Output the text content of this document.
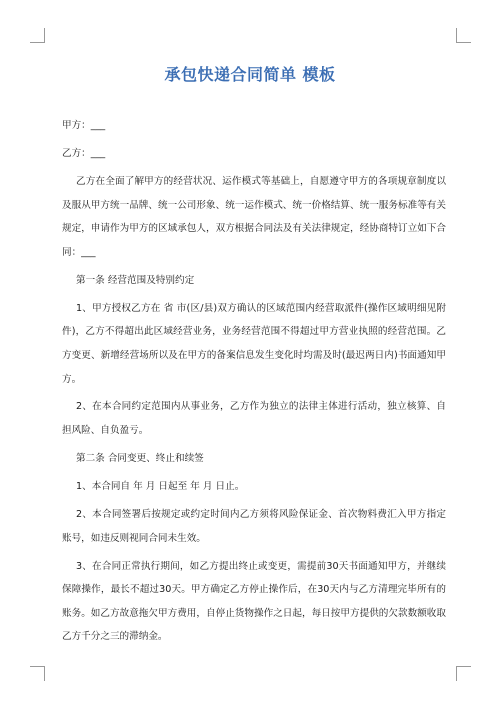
承包快递合同简单 模板

甲方：___

乙方：___

乙方在全面了解甲方的经营状况、运作模式等基础上，自愿遵守甲方的各项规章制度以及服从甲方统一品牌、统一公司形象、统一运作模式、统一价格结算、统一服务标准等有关规定，申请作为甲方的区域承包人，双方根据合同法及有关法律规定，经协商特订立如下合同：___

第一条 经营范围及特别约定

1、甲方授权乙方在 省 市(区/县)双方确认的区域范围内经营取派件(操作区域明细见附件)，乙方不得超出此区域经营业务，业务经营范围不得超过甲方营业执照的经营范围。乙方变更、新增经营场所以及在甲方的备案信息发生变化时均需及时(最迟两日内)书面通知甲方。

2、在本合同约定范围内从事业务，乙方作为独立的法律主体进行活动，独立核算、自担风险、自负盈亏。

第二条 合同变更、终止和续签

1、本合同自 年 月 日起至 年 月 日止。

2、本合同签署后按规定或约定时间内乙方须将风险保证金、首次物料费汇入甲方指定账号，如违反则视同合同未生效。

3、在合同正常执行期间，如乙方提出终止或变更，需提前30天书面通知甲方，并继续保障操作，最长不超过30天。甲方确定乙方停止操作后，在30天内与乙方清理完毕所有的账务。如乙方故意拖欠甲方费用，自停止货物操作之日起，每日按甲方提供的欠款数额收取乙方千分之三的滞纳金。
